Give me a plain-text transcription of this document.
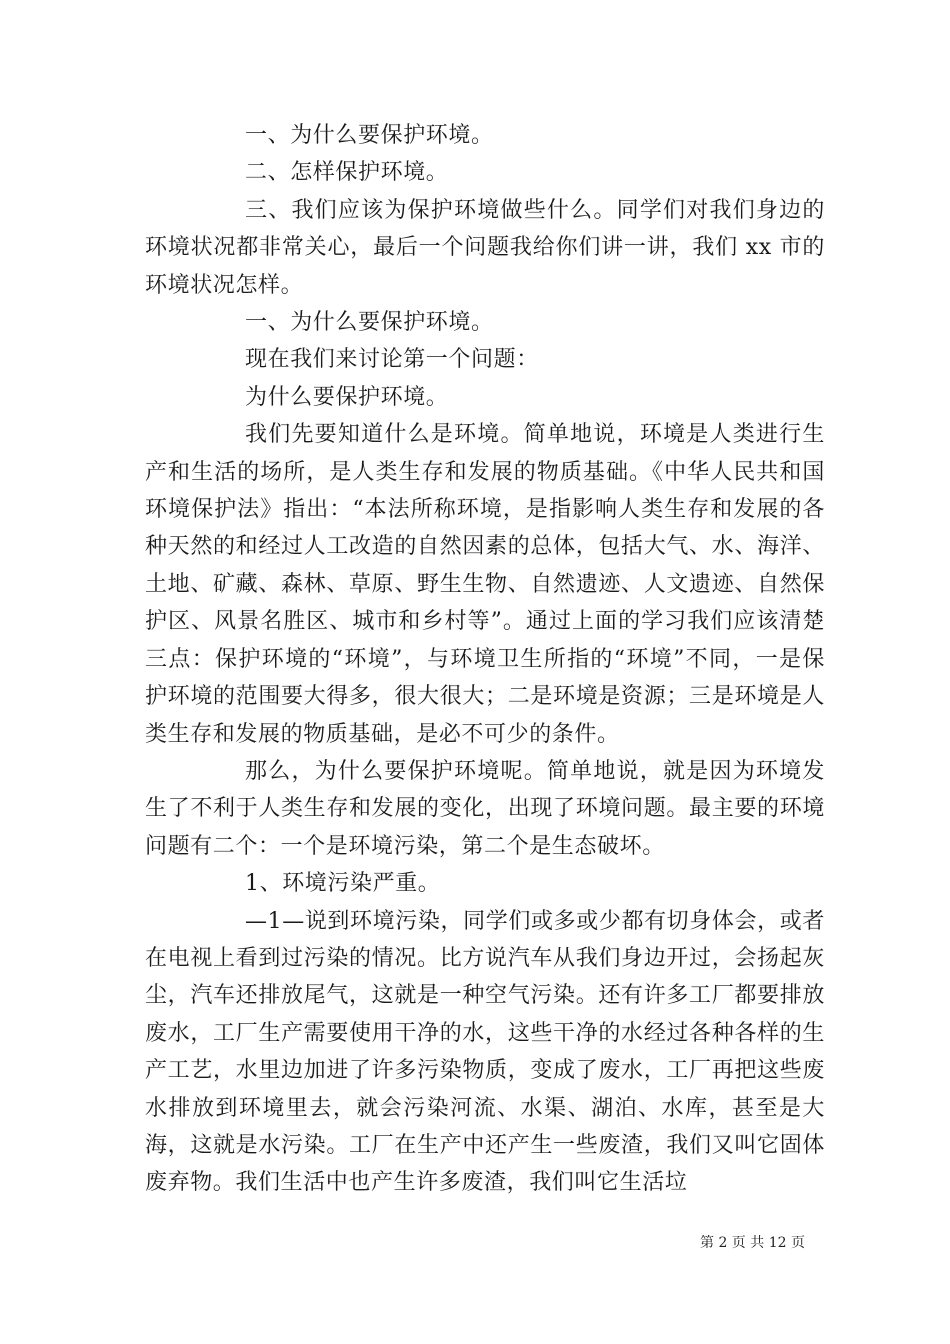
一、为什么要保护环境。

二、怎样保护环境。

三、我们应该为保护环境做些什么。同学们对我们身边的环境状况都非常关心，最后一个问题我给你们讲一讲，我们 xx 市的环境状况怎样。

一、为什么要保护环境。

现在我们来讨论第一个问题：

为什么要保护环境。

我们先要知道什么是环境。简单地说，环境是人类进行生产和生活的场所，是人类生存和发展的物质基础。《中华人民共和国环境保护法》指出：“本法所称环境，是指影响人类生存和发展的各种天然的和经过人工改造的自然因素的总体，包括大气、水、海洋、土地、矿藏、森林、草原、野生生物、自然遗迹、人文遗迹、自然保护区、风景名胜区、城市和乡村等”。通过上面的学习我们应该清楚三点：保护环境的“环境”，与环境卫生所指的“环境”不同，一是保护环境的范围要大得多，很大很大；二是环境是资源；三是环境是人类生存和发展的物质基础，是必不可少的条件。

那么，为什么要保护环境呢。简单地说，就是因为环境发生了不利于人类生存和发展的变化，出现了环境问题。最主要的环境问题有二个：一个是环境污染，第二个是生态破坏。

1、环境污染严重。

—1—说到环境污染，同学们或多或少都有切身体会，或者在电视上看到过污染的情况。比方说汽车从我们身边开过，会扬起灰尘，汽车还排放尾气，这就是一种空气污染。还有许多工厂都要排放废水，工厂生产需要使用干净的水，这些干净的水经过各种各样的生产工艺，水里边加进了许多污染物质，变成了废水，工厂再把这些废水排放到环境里去，就会污染河流、水渠、湖泊、水库，甚至是大海，这就是水污染。工厂在生产中还产生一些废渣，我们又叫它固体废弃物。我们生活中也产生许多废渣，我们叫它生活垃

第 2 页 共 12 页
